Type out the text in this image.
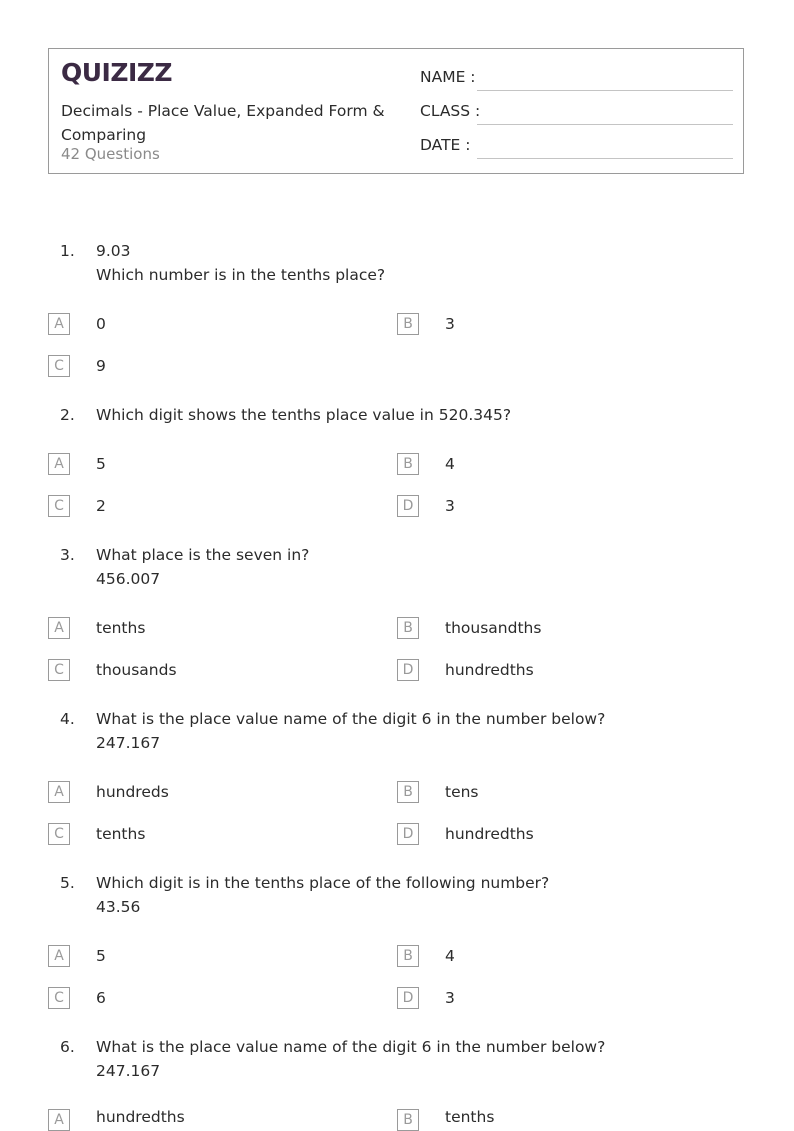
QUIZIZZ
Decimals - Place Value, Expanded Form & Comparing
42 Questions
NAME :
CLASS :
DATE :
1. 9.03
Which number is in the tenths place?
A	0	B	3
C	9
2. Which digit shows the tenths place value in 520.345?
A	5	B	4
C	2	D	3
3. What place is the seven in?
456.007
A	tenths	B	thousandths
C	thousands	D	hundredths
4. What is the place value name of the digit 6 in the number below?
247.167
A	hundreds	B	tens
C	tenths	D	hundredths
5. Which digit is in the tenths place of the following number?
43.56
A	5	B	4
C	6	D	3
6. What is the place value name of the digit 6 in the number below?
247.167
A	hundredths	B	tenths
